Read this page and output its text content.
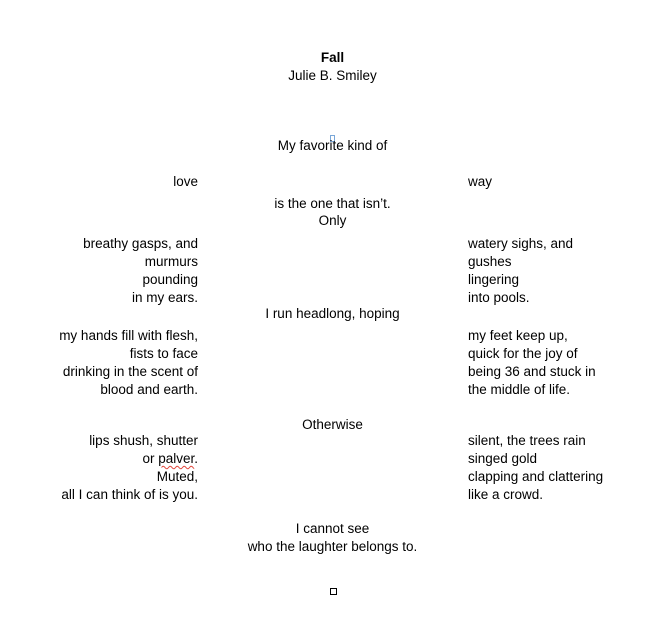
Fall
Julie B. Smiley
My favorite kind of
love	way
is the one that isn’t.
Only
breathy gasps, and
murmurs
pounding
in my ears.
watery sighs, and
gushes
lingering
into pools.
I run headlong, hoping
my hands fill with flesh,
fists to face
drinking in the scent of
blood and earth.
my feet keep up,
quick for the joy of
being 36 and stuck in
the middle of life.
Otherwise
lips shush, shutter
or palver.
Muted,
all I can think of is you.
silent, the trees rain
singed gold
clapping and clattering
like a crowd.
I cannot see
who the laughter belongs to.
